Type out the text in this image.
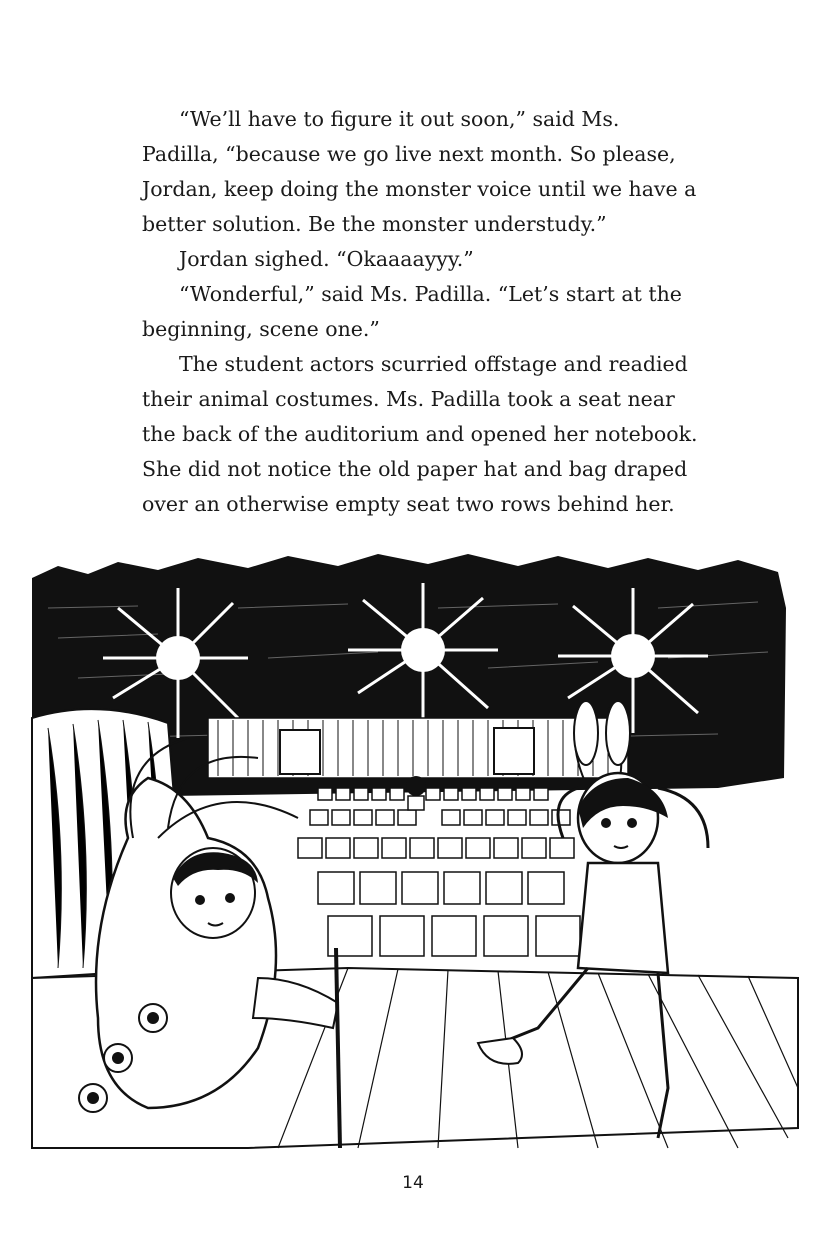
“We’ll have to figure it out soon,” said Ms. Padilla, “because we go live next month. So please, Jordan, keep doing the monster voice until we have a better solution. Be the monster understudy.”

Jordan sighed. “Okaaaayyy.”

“Wonderful,” said Ms. Padilla. “Let’s start at the beginning, scene one.”

The student actors scurried offstage and readied their animal costumes. Ms. Padilla took a seat near the back of the auditorium and opened her notebook. She did not notice the old paper hat and bag draped over an otherwise empty seat two rows behind her.

14
